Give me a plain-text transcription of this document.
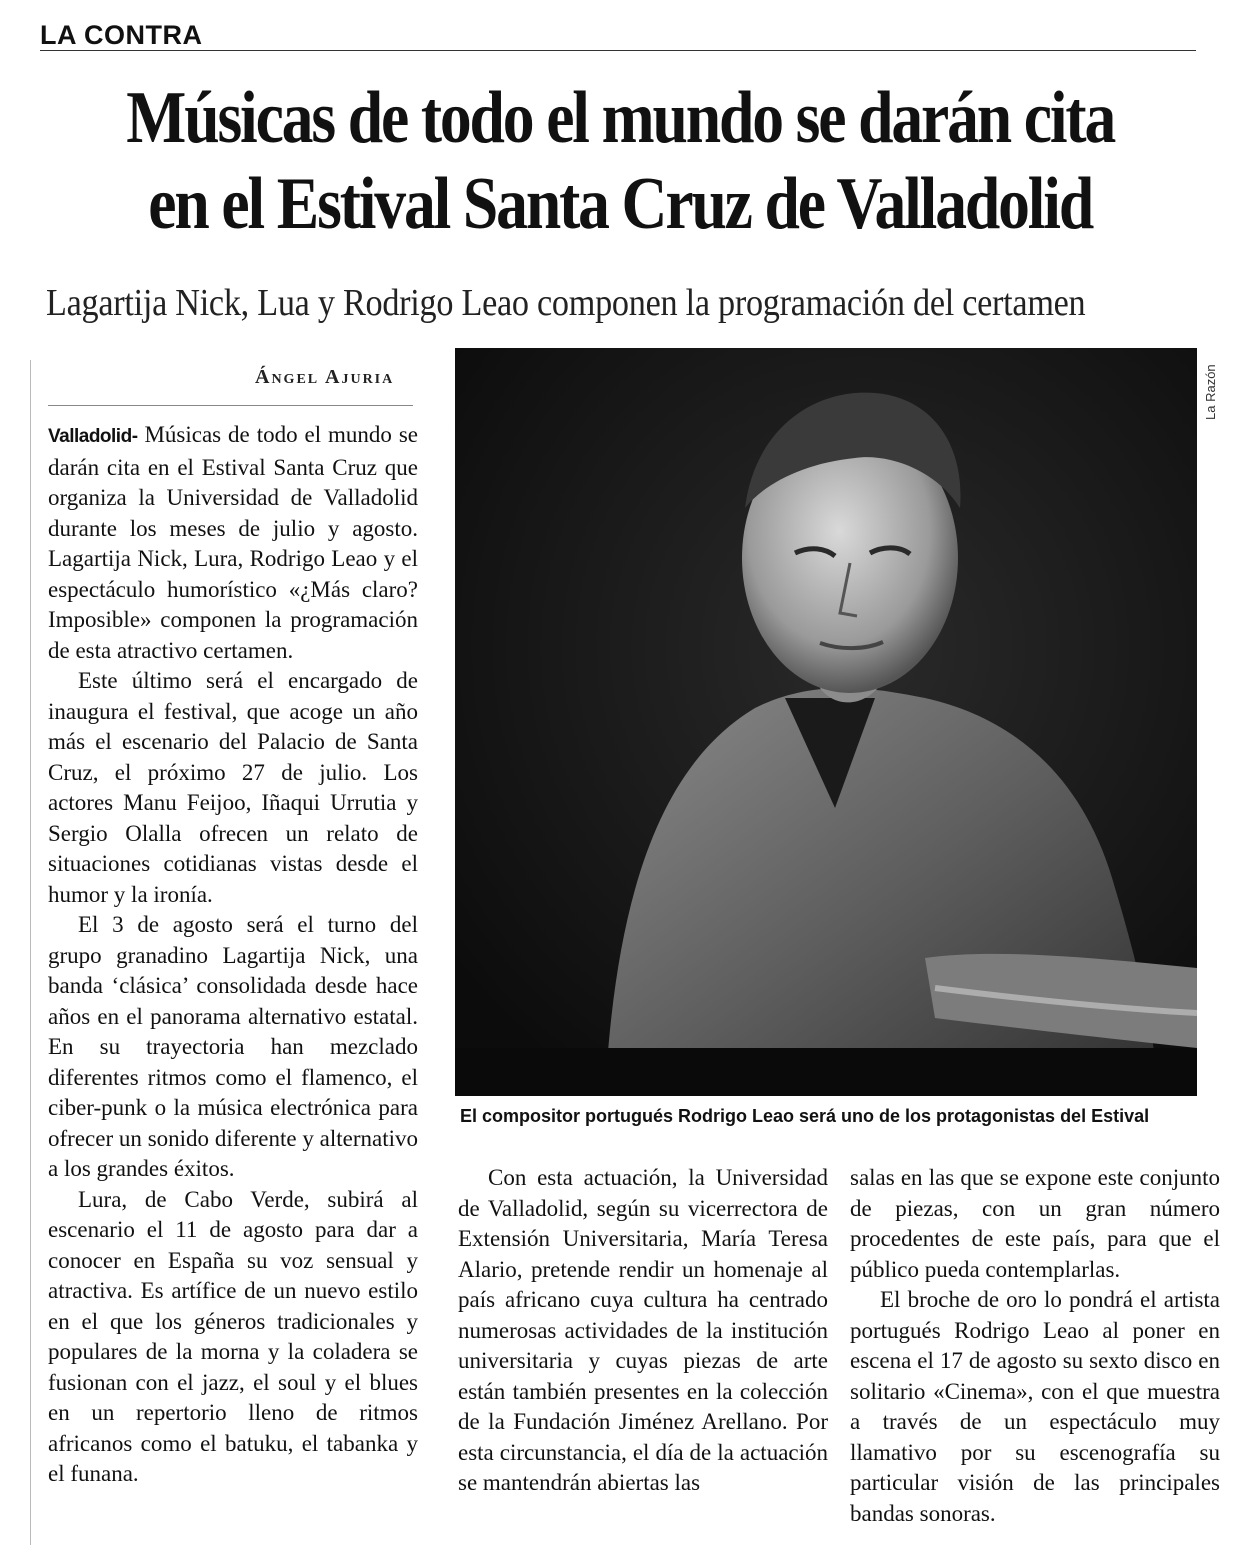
LA CONTRA
Músicas de todo el mundo se darán cita
en el Estival Santa Cruz de Valladolid
Lagartija Nick, Lua y Rodrigo Leao componen la programación del certamen
Ángel Ajuria

Valladolid- Músicas de todo el mundo se darán cita en el Estival Santa Cruz que organiza la Universidad de Valladolid durante los meses de julio y agosto. Lagartija Nick, Lura, Rodrigo Leao y el espectáculo humorístico «¿Más claro? Imposible» componen la programación de esta atractivo certamen.

Este último será el encargado de inaugura el festival, que acoge un año más el escenario del Palacio de Santa Cruz, el próximo 27 de julio. Los actores Manu Feijoo, Iñaqui Urrutia y Sergio Olalla ofrecen un relato de situaciones cotidianas vistas desde el humor y la ironía.

El 3 de agosto será el turno del grupo granadino Lagartija Nick, una banda ‘clásica’ consolidada desde hace años en el panorama alternativo estatal. En su trayectoria han mezclado diferentes ritmos como el flamenco, el ciber-punk o la música electrónica para ofrecer un sonido diferente y alternativo a los grandes éxitos.

Lura, de Cabo Verde, subirá al escenario el 11 de agosto para dar a conocer en España su voz sensual y atractiva. Es artífice de un nuevo estilo en el que los géneros tradicionales y populares de la morna y la coladera se fusionan con el jazz, el soul y el blues en un repertorio lleno de ritmos africanos como el batuku, el tabanka y el funana.

La Razón
El compositor portugués Rodrigo Leao será uno de los protagonistas del Estival

Con esta actuación, la Universidad de Valladolid, según su vicerrectora de Extensión Universitaria, María Teresa Alario, pretende rendir un homenaje al país africano cuya cultura ha centrado numerosas actividades de la institución universitaria y cuyas piezas de arte están también presentes en la colección de la Fundación Jiménez Arellano. Por esta circunstancia, el día de la actuación se mantendrán abiertas las

salas en las que se expone este conjunto de piezas, con un gran número procedentes de este país, para que el público pueda contemplarlas.

El broche de oro lo pondrá el artista portugués Rodrigo Leao al poner en escena el 17 de agosto su sexto disco en solitario «Cinema», con el que muestra a través de un espectáculo muy llamativo por su escenografía su particular visión de las principales bandas sonoras.
